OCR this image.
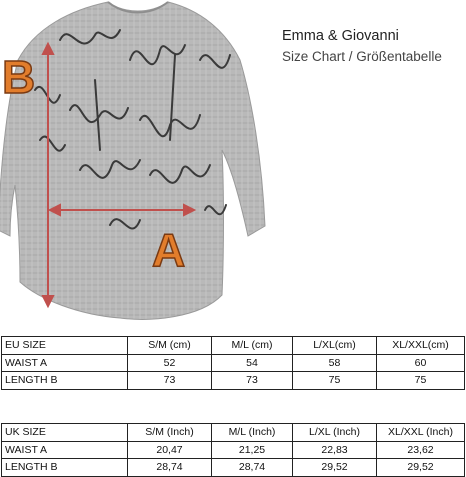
B
A
Emma & Giovanni
Size Chart / Größentabelle
EU SIZE	S/M (cm)	M/L (cm)	L/XL(cm)	XL/XXL(cm)
WAIST A	52	54	58	60
LENGTH B	73	73	75	75
UK SIZE	S/M (Inch)	M/L (Inch)	L/XL (Inch)	XL/XXL (Inch)
WAIST A	20,47	21,25	22,83	23,62
LENGTH B	28,74	28,74	29,52	29,52
